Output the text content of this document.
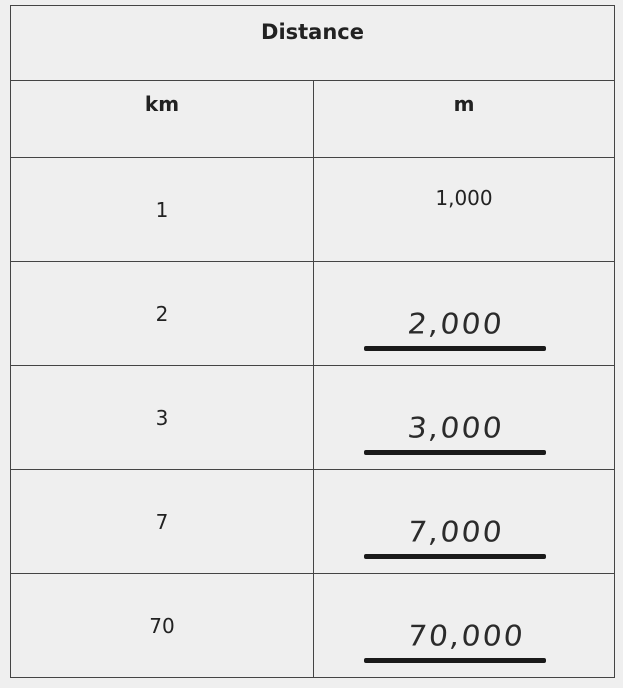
Distance	
km	m
1	1,000
2	2,000

3	3,000

7	7,000

70	70,000
